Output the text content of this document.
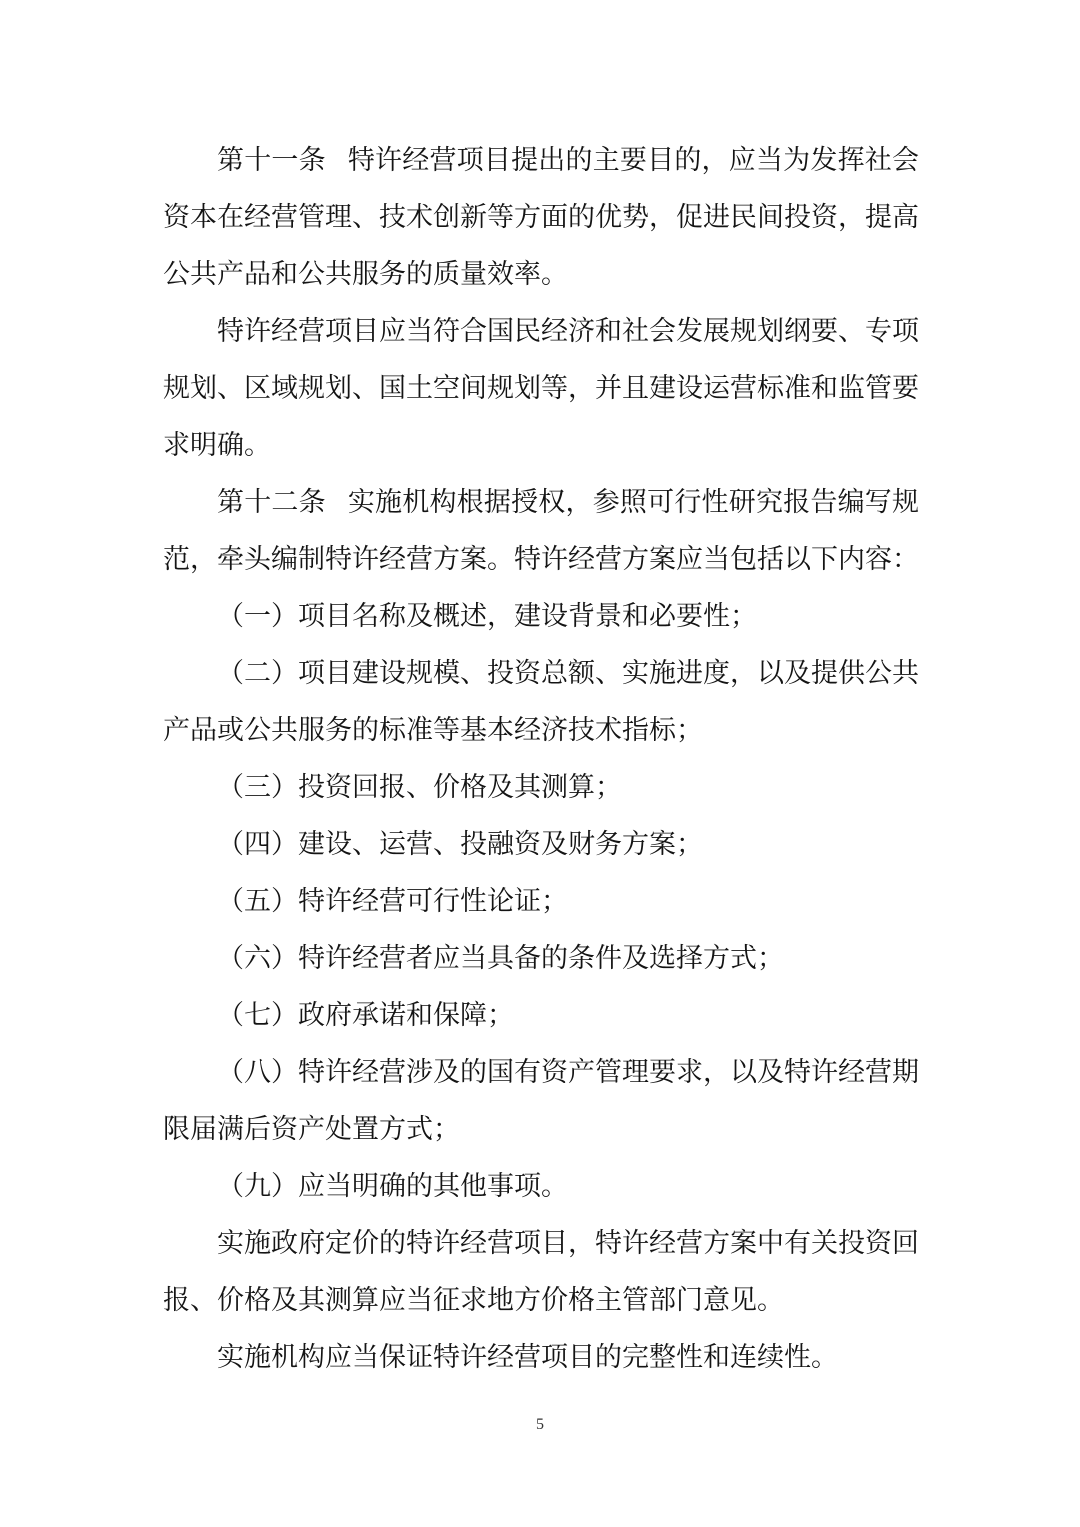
第十一条 特许经营项目提出的主要目的，应当为发挥社会资本在经营管理、技术创新等方面的优势，促进民间投资，提高公共产品和公共服务的质量效率。

特许经营项目应当符合国民经济和社会发展规划纲要、专项规划、区域规划、国土空间规划等，并且建设运营标准和监管要求明确。

第十二条 实施机构根据授权，参照可行性研究报告编写规范，牵头编制特许经营方案。特许经营方案应当包括以下内容：

（一）项目名称及概述，建设背景和必要性；

（二）项目建设规模、投资总额、实施进度，以及提供公共产品或公共服务的标准等基本经济技术指标；

（三）投资回报、价格及其测算；

（四）建设、运营、投融资及财务方案；

（五）特许经营可行性论证；

（六）特许经营者应当具备的条件及选择方式；

（七）政府承诺和保障；

（八）特许经营涉及的国有资产管理要求，以及特许经营期限届满后资产处置方式；

（九）应当明确的其他事项。

实施政府定价的特许经营项目，特许经营方案中有关投资回报、价格及其测算应当征求地方价格主管部门意见。

实施机构应当保证特许经营项目的完整性和连续性。

5
